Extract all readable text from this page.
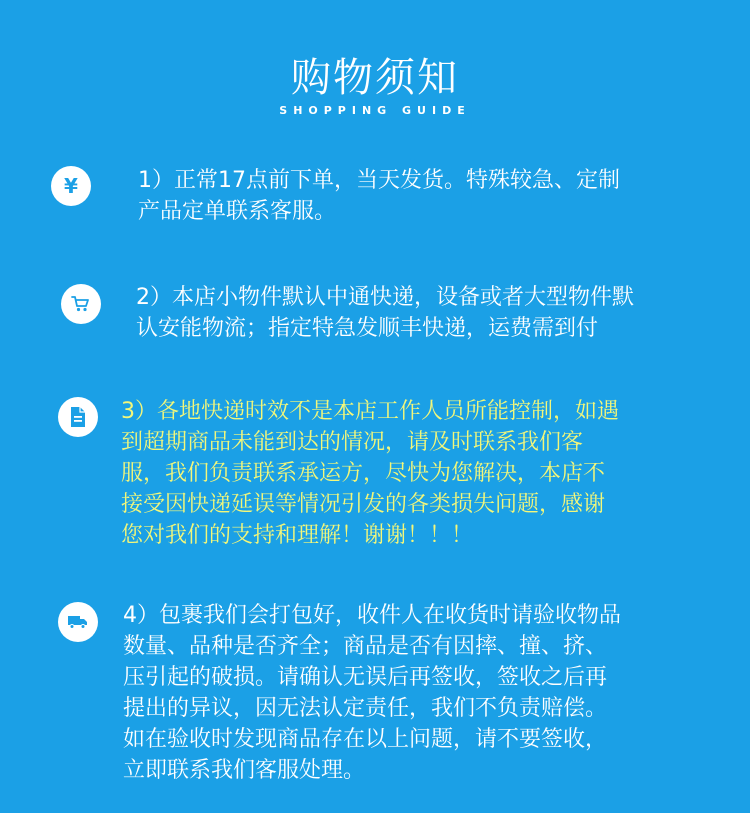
购物须知
SHOPPING GUIDE
¥	1）正常17点前下单，当天发货。特殊较急、定制
产品定单联系客服。
2）本店小物件默认中通快递，设备或者大型物件默
认安能物流；指定特急发顺丰快递，运费需到付
3）各地快递时效不是本店工作人员所能控制，如遇
到超期商品未能到达的情况，请及时联系我们客
服，我们负责联系承运方，尽快为您解决，本店不
接受因快递延误等情况引发的各类损失问题，感谢
您对我们的支持和理解！谢谢！！！
4）包裹我们会打包好，收件人在收货时请验收物品
数量、品种是否齐全；商品是否有因摔、撞、挤、
压引起的破损。请确认无误后再签收，签收之后再
提出的异议，因无法认定责任，我们不负责赔偿。
如在验收时发现商品存在以上问题，请不要签收，
立即联系我们客服处理。
